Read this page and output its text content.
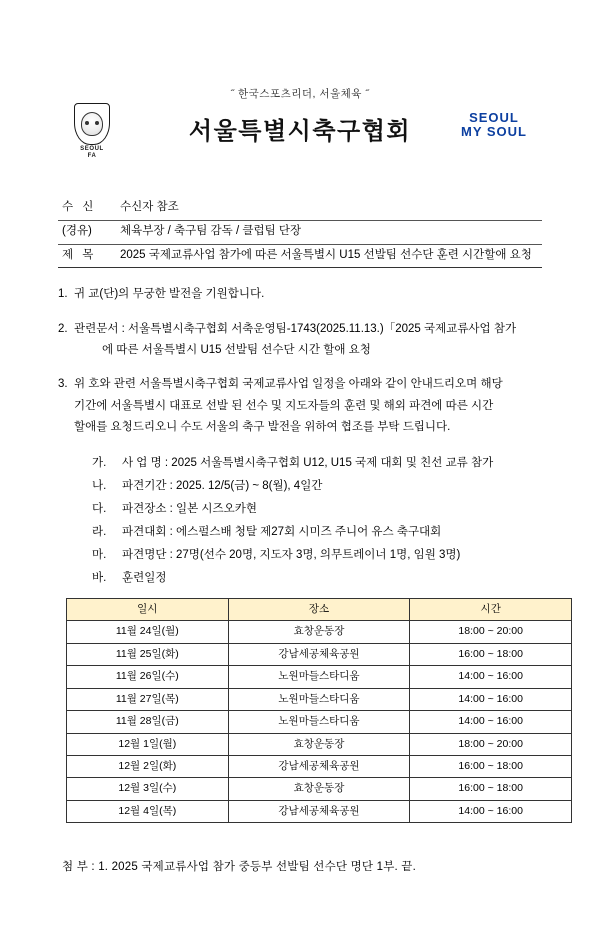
˝ 한국스포츠리더, 서울체육 ˝
SEOUL
FA
서울특별시축구협회
SEOUL
MY SOUL
수 신	수신자 참조
(경유)	체육부장 / 축구팀 감독 / 클럽팀 단장
제 목	2025 국제교류사업 참가에 따른 서울특별시 U15 선발팀 선수단 훈련 시간할애 요청
1. 귀 교(단)의 무궁한 발전을 기원합니다.
2. 관련문서 : 서울특별시축구협회 서축운영팀-1743(2025.11.13.)「2025 국제교류사업 참가
에 따른 서울특별시 U15 선발팀 선수단 시간 할애 요청
3. 위 호와 관련 서울특별시축구협회 국제교류사업 일정을 아래와 같이 안내드리오며 해당
기간에 서울특별시 대표로 선발 된 선수 및 지도자들의 훈련 및 해외 파견에 따른 시간
할애를 요청드리오니 수도 서울의 축구 발전을 위하여 협조를 부탁 드립니다.
가.	사 업 명 : 2025 서울특별시축구협회 U12, U15 국제 대회 및 친선 교류 참가
나.	파견기간 : 2025. 12/5(금) ~ 8(월), 4일간
다.	파견장소 : 일본 시즈오카현
라.	파견대회 : 에스펄스배 청탈 제27회 시미즈 주니어 유스 축구대회
마.	파견명단 : 27명(선수 20명, 지도자 3명, 의무트레이너 1명, 임원 3명)
바.	훈련일정
일시	장소	시간
11월 24일(월)	효창운동장	18:00 ~ 20:00
11월 25일(화)	강남세공체육공원	16:00 ~ 18:00
11월 26일(수)	노원마들스타디움	14:00 ~ 16:00
11월 27일(목)	노원마들스타디움	14:00 ~ 16:00
11월 28일(금)	노원마들스타디움	14:00 ~ 16:00
12월 1일(월)	효창운동장	18:00 ~ 20:00
12월 2일(화)	강남세공체육공원	16:00 ~ 18:00
12월 3일(수)	효창운동장	16:00 ~ 18:00
12월 4일(목)	강남세공체육공원	14:00 ~ 16:00
첨 부 : 1. 2025 국제교류사업 참가 중등부 선발팀 선수단 명단 1부. 끝.
